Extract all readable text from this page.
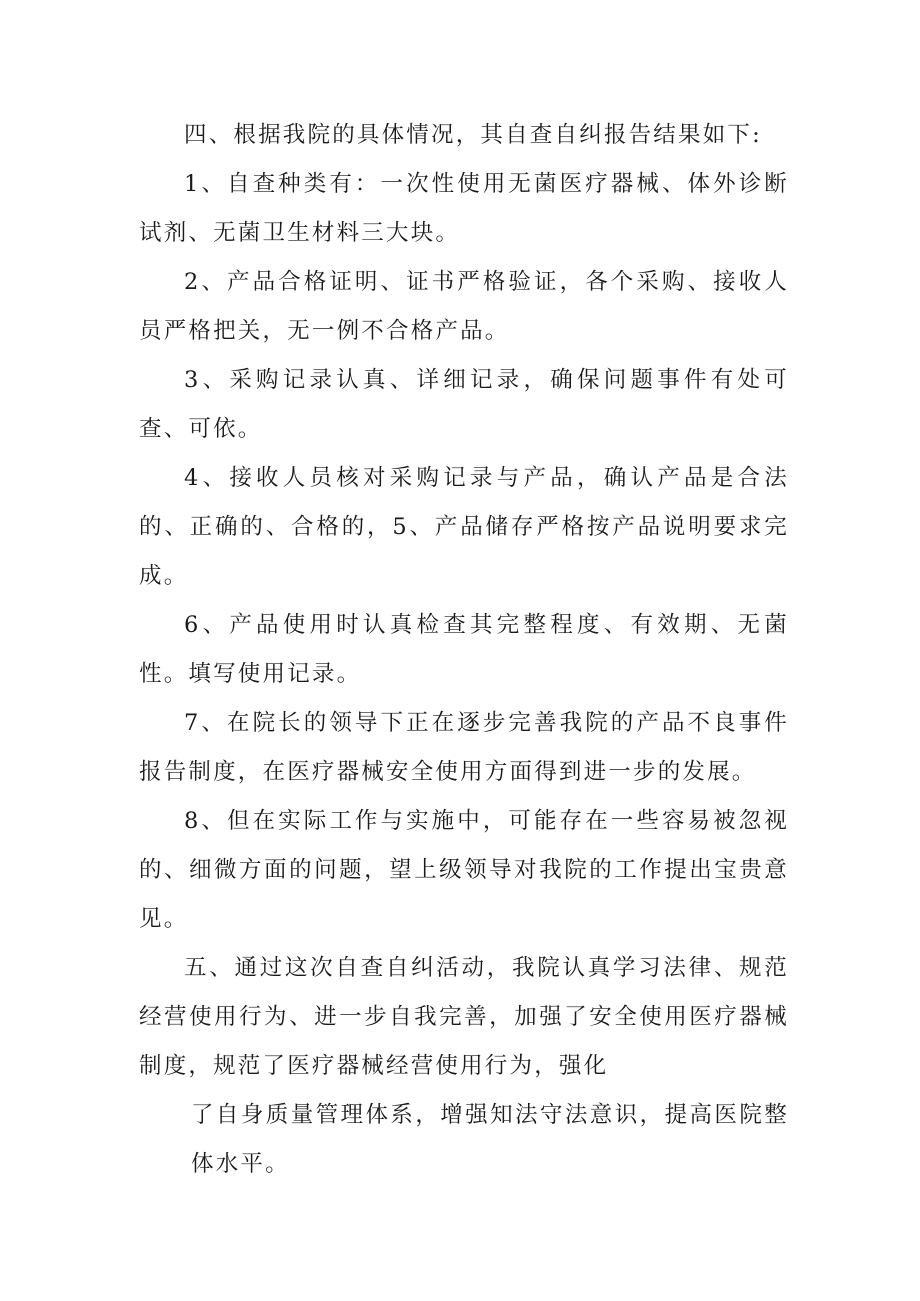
四、根据我院的具体情况，其自查自纠报告结果如下:

1、自查种类有：一次性使用无菌医疗器械、体外诊断试剂、无菌卫生材料三大块。

2、产品合格证明、证书严格验证，各个采购、接收人员严格把关，无一例不合格产品。

3、采购记录认真、详细记录，确保问题事件有处可查、可依。

4、接收人员核对采购记录与产品，确认产品是合法的、正确的、合格的，5、产品储存严格按产品说明要求完成。

6、产品使用时认真检查其完整程度、有效期、无菌性。填写使用记录。

7、在院长的领导下正在逐步完善我院的产品不良事件报告制度，在医疗器械安全使用方面得到进一步的发展。

8、但在实际工作与实施中，可能存在一些容易被忽视的、细微方面的问题，望上级领导对我院的工作提出宝贵意见。

五、通过这次自查自纠活动，我院认真学习法律、规范经营使用行为、进一步自我完善，加强了安全使用医疗器械制度，规范了医疗器械经营使用行为，强化

了自身质量管理体系，增强知法守法意识，提高医院整体水平。
